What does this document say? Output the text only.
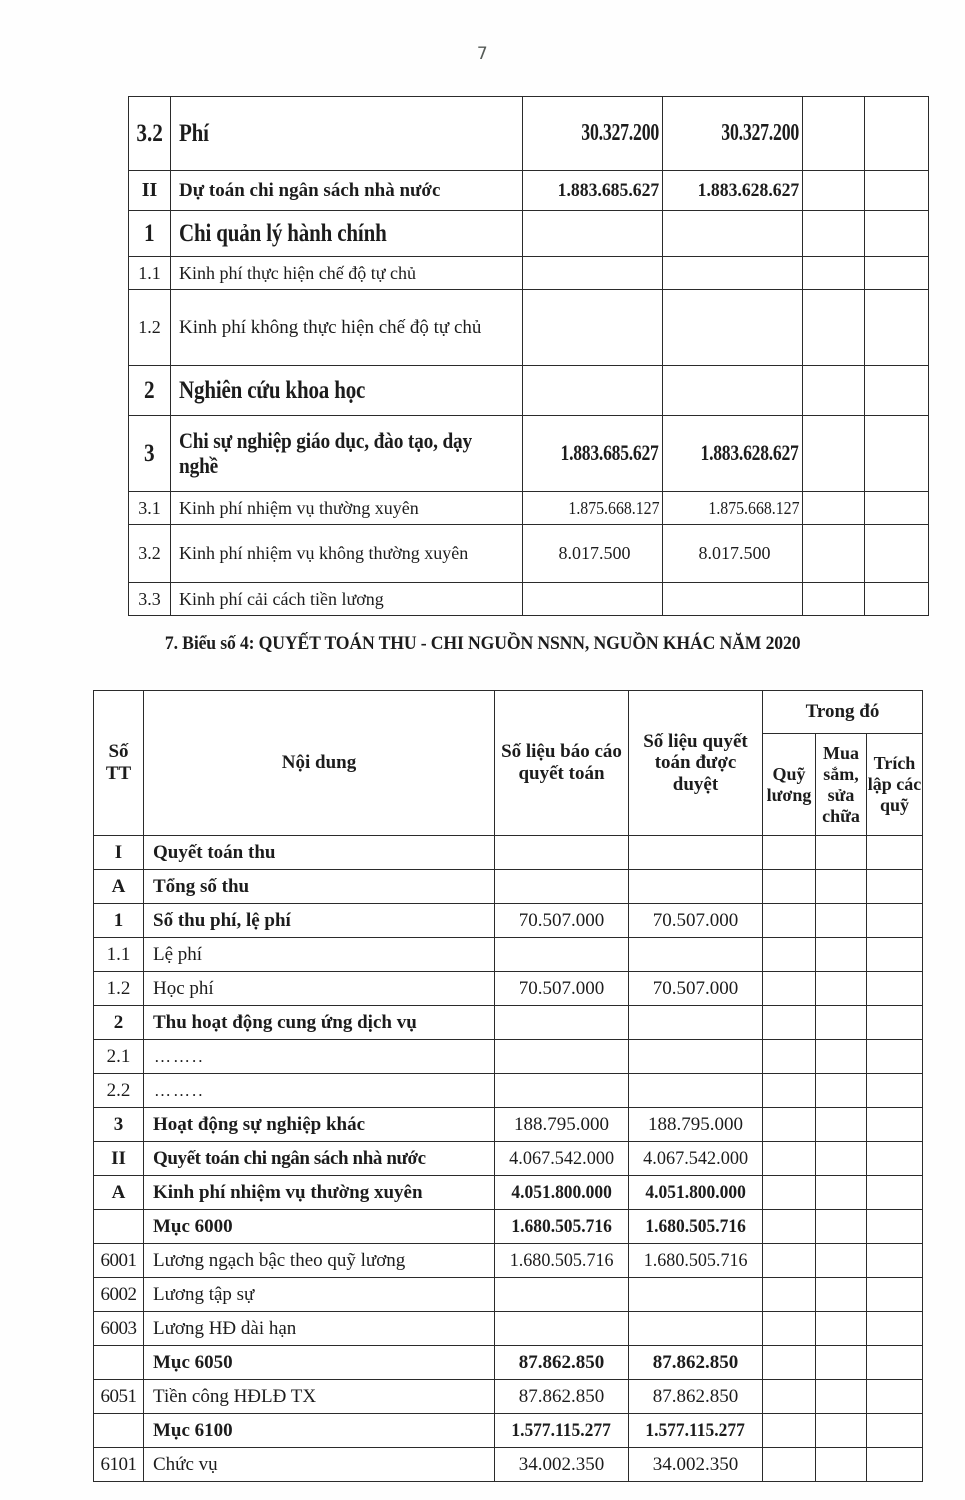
7
3.2	Phí	30.327.200	30.327.200		
II	Dự toán chi ngân sách nhà nước	1.883.685.627	1.883.628.627		
1	Chi quản lý hành chính				
1.1	Kinh phí thực hiện chế độ tự chủ				
1.2	Kinh phí không thực hiện chế độ tự chủ				
2	Nghiên cứu khoa học				
3	Chi sự nghiệp giáo dục, đào tạo, dạy nghề	1.883.685.627	1.883.628.627		
3.1	Kinh phí nhiệm vụ thường xuyên	1.875.668.127	1.875.668.127		
3.2	Kinh phí nhiệm vụ không thường xuyên	8.017.500	8.017.500		
3.3	Kinh phí cải cách tiền lương				
7. Biểu số 4: QUYẾT TOÁN THU - CHI NGUỒN NSNN, NGUỒN KHÁC NĂM 2020
Số TT	Nội dung	Số liệu báo cáo quyết toán	Số liệu quyết toán được duyệt	Trong đó		
				Quỹ lương	Mua sắm, sửa chữa	Trích lập các quỹ
I	Quyết toán thu					
A	Tổng số thu					
1	Số thu phí, lệ phí	70.507.000	70.507.000			
1.1	Lệ phí					
1.2	Học phí	70.507.000	70.507.000			
2	Thu hoạt động cung ứng dịch vụ					
2.1	……..					
2.2	……..					
3	Hoạt động sự nghiệp khác	188.795.000	188.795.000			
II	Quyết toán chi ngân sách nhà nước	4.067.542.000	4.067.542.000			
A	Kinh phí nhiệm vụ thường xuyên	4.051.800.000	4.051.800.000			
	Mục 6000	1.680.505.716	1.680.505.716			
6001	Lương ngạch bậc theo quỹ lương	1.680.505.716	1.680.505.716			
6002	Lương tập sự					
6003	Lương HĐ dài hạn					
	Mục 6050	87.862.850	87.862.850			
6051	Tiền công HĐLĐ TX	87.862.850	87.862.850			
	Mục 6100	1.577.115.277	1.577.115.277			
6101	Chức vụ	34.002.350	34.002.350			
